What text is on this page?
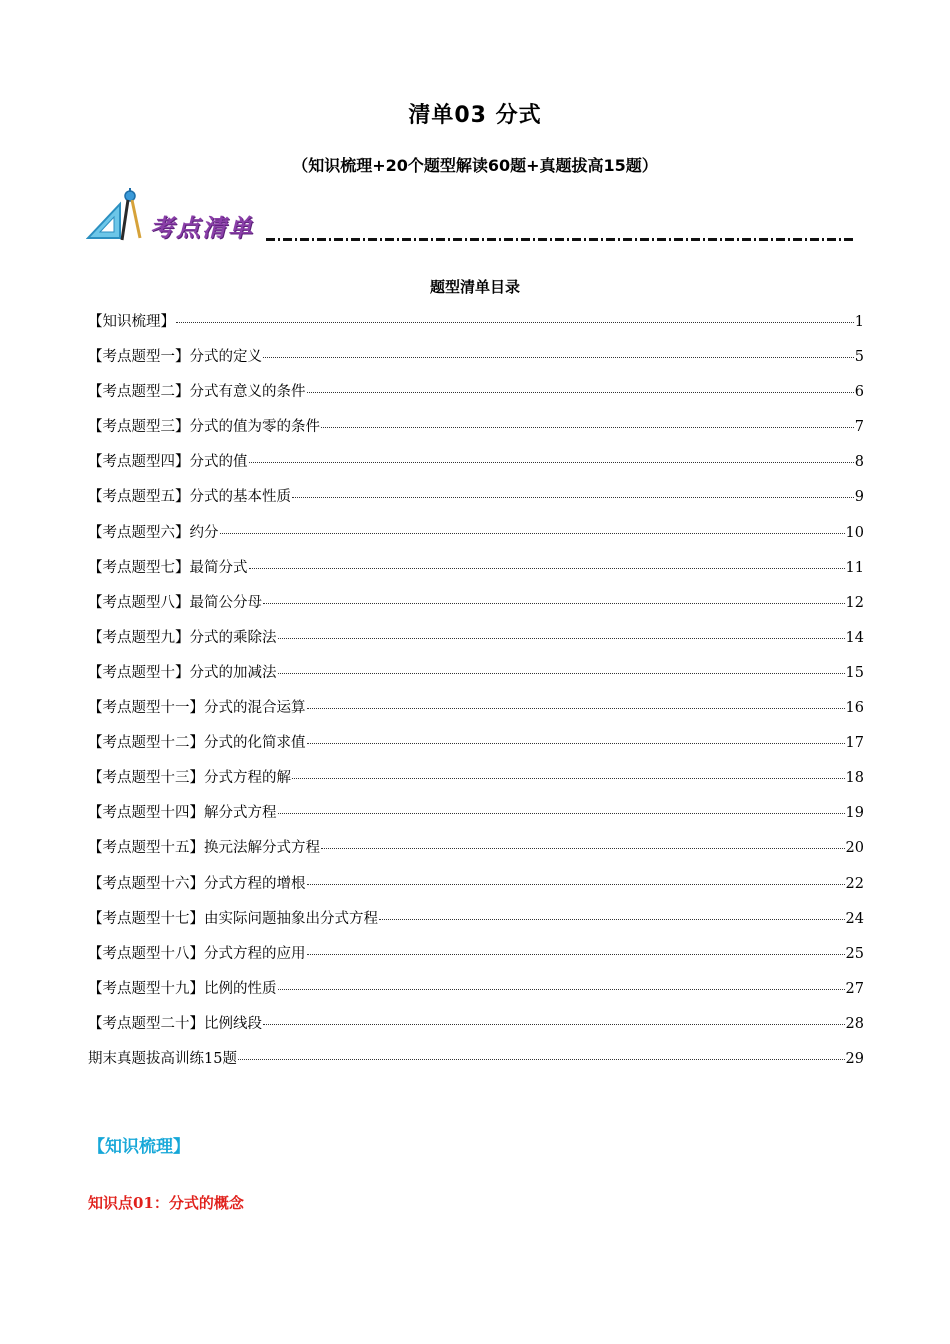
清单03 分式
（知识梳理+20个题型解读60题+真题拔高15题）
考点清单
题型清单目录
【知识梳理】	1
【考点题型一】分式的定义	5
【考点题型二】分式有意义的条件	6
【考点题型三】分式的值为零的条件	7
【考点题型四】分式的值	8
【考点题型五】分式的基本性质	9
【考点题型六】约分	10
【考点题型七】最简分式	11
【考点题型八】最简公分母	12
【考点题型九】分式的乘除法	14
【考点题型十】分式的加减法	15
【考点题型十一】分式的混合运算	16
【考点题型十二】分式的化简求值	17
【考点题型十三】分式方程的解	18
【考点题型十四】解分式方程	19
【考点题型十五】换元法解分式方程	20
【考点题型十六】分式方程的增根	22
【考点题型十七】由实际问题抽象出分式方程	24
【考点题型十八】分式方程的应用	25
【考点题型十九】比例的性质	27
【考点题型二十】比例线段	28
期末真题拔高训练15题	29
【知识梳理】
知识点01：分式的概念
